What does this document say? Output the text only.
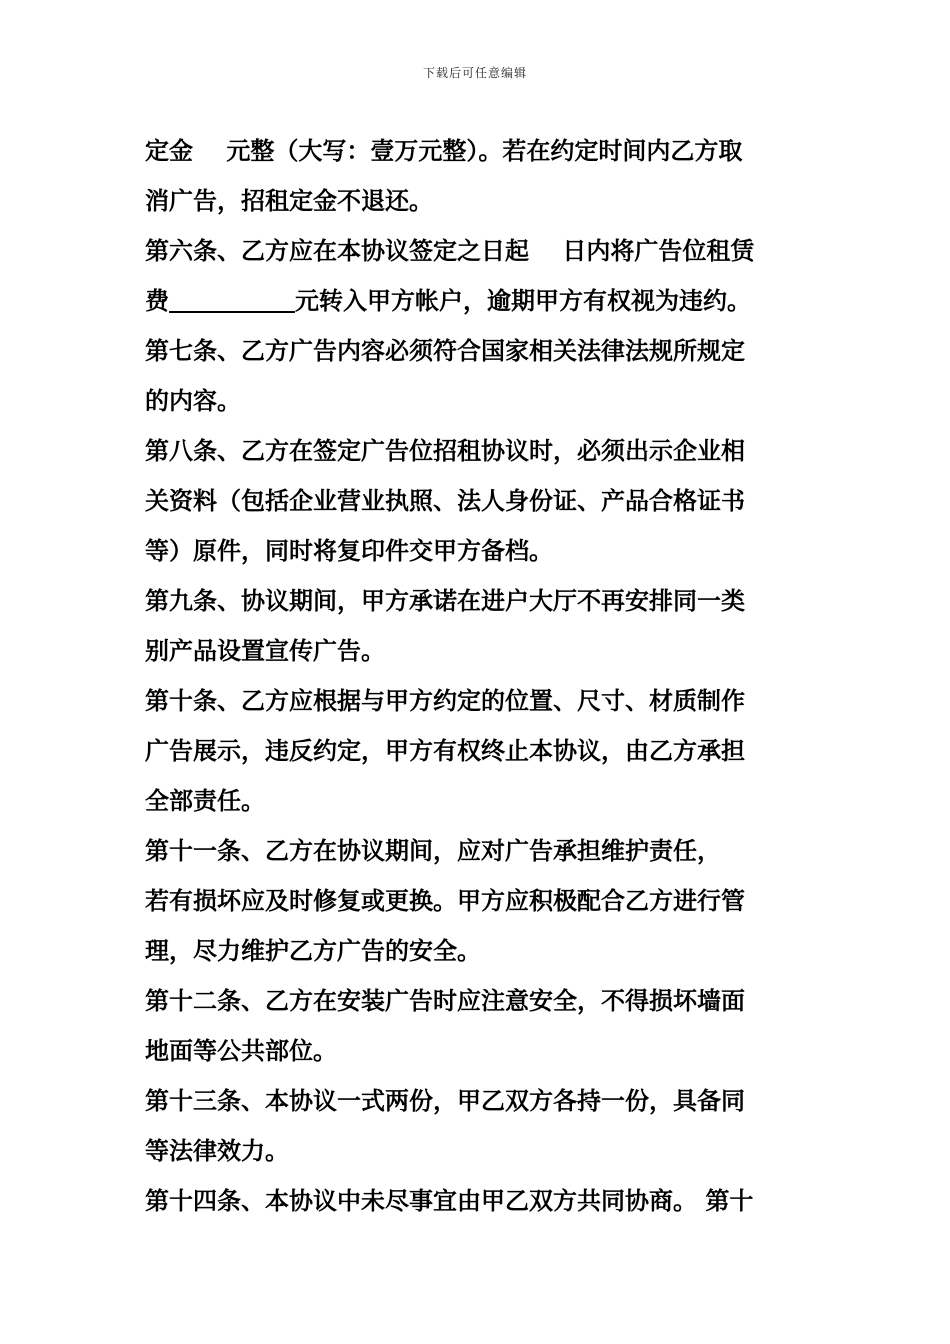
下载后可任意编辑
定金    元整（大写：壹万元整）。若在约定时间内乙方取
消广告，招租定金不退还。
第六条、乙方应在本协议签定之日起    日内将广告位租赁
费	元转入甲方帐户，逾期甲方有权视为违约。
第七条、乙方广告内容必须符合国家相关法律法规所规定
的内容。
第八条、乙方在签定广告位招租协议时，必须出示企业相
关资料（包括企业营业执照、法人身份证、产品合格证书
等）原件，同时将复印件交甲方备档。
第九条、协议期间，甲方承诺在进户大厅不再安排同一类
别产品设置宣传广告。
第十条、乙方应根据与甲方约定的位置、尺寸、材质制作
广告展示，违反约定，甲方有权终止本协议，由乙方承担
全部责任。
第十一条、乙方在协议期间，应对广告承担维护责任，
若有损坏应及时修复或更换。甲方应积极配合乙方进行管
理，尽力维护乙方广告的安全。
第十二条、乙方在安装广告时应注意安全，不得损坏墙面
地面等公共部位。
第十三条、本协议一式两份，甲乙双方各持一份，具备同
等法律效力。
第十四条、本协议中未尽事宜由甲乙双方共同协商。 第十
